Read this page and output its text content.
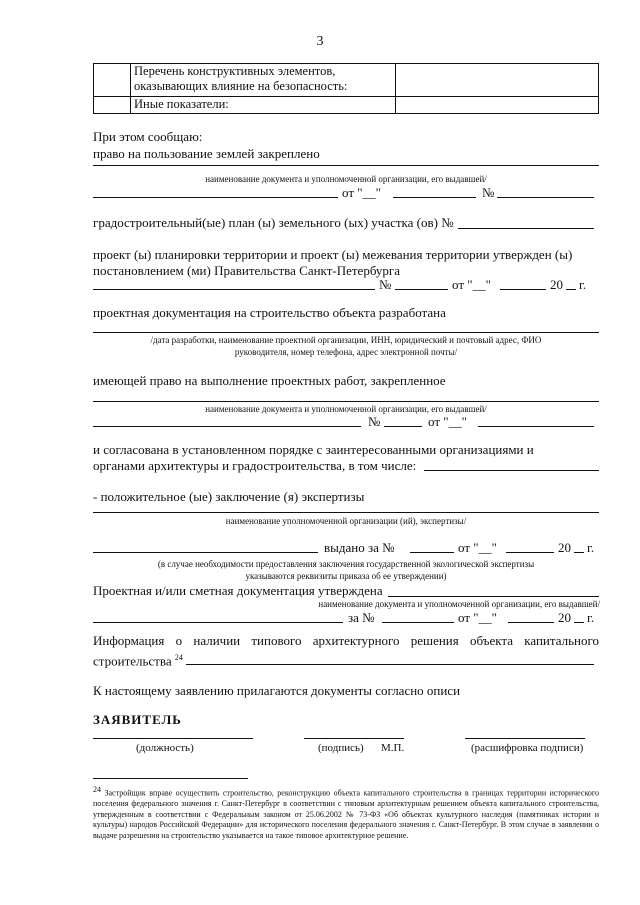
3
	Перечень конструктивных элементов, оказывающих влияние на безопасность:	
	Иные показатели:	
При этом сообщаю:
право на пользование землей закреплено
наименование документа и уполномоченной организации, его выдавшей/
от "__"	№
градостроительный(ые) план (ы) земельного (ых) участка (ов) №
проект (ы) планировки территории и проект (ы) межевания территории утвержден (ы)
постановлением (ми) Правительства Санкт-Петербурга
№	от "__"	20 г.
проектная документация на строительство объекта разработана
/дата разработки, наименование проектной организации, ИНН, юридический и почтовый адрес, ФИО
руководителя, номер телефона, адрес электронной почты/
имеющей право на выполнение проектных работ, закрепленное
наименование документа и уполномоченной организации, его выдавшей/
№	от "__"
и согласована в установленном порядке с заинтересованными организациями и
органами архитектуры и градостроительства, в том числе:
- положительное (ые) заключение (я) экспертизы
наименование уполномоченной организации (ий), экспертизы/
выдано за №	от "__"	20 г.
(в случае необходимости предоставления заключения государственной экологической экспертизы
указываются реквизиты приказа об ее утверждении)
Проектная и/или сметная документация утверждена
наименование документа и уполномоченной организации, его выдавшей/
за №	от "__"	20 г.
Информация о наличии типового архитектурного решения объекта капитального
строительства $^{24}$
К настоящему заявлению прилагаются документы согласно описи
ЗАЯВИТЕЛЬ
(должность)	(подпись) М.П.	(расшифровка подписи)
$^{24}$ Застройщик вправе осуществить строительство, реконструкцию объекта капитального строительства в границах территории исторического поселения федерального значения г. Санкт-Петербург в соответствии с типовым архитектурным решением объекта капитального строительства, утвержденным в соответствии с Федеральным законом от 25.06.2002 № 73-ФЗ «Об объектах культурного наследия (памятниках истории и культуры) народов Российской Федерации» для исторического поселения федерального значения г. Санкт-Петербург. В этом случае в заявлении о выдаче разрешения на строительство указывается на такое типовое архитектурное решение.
